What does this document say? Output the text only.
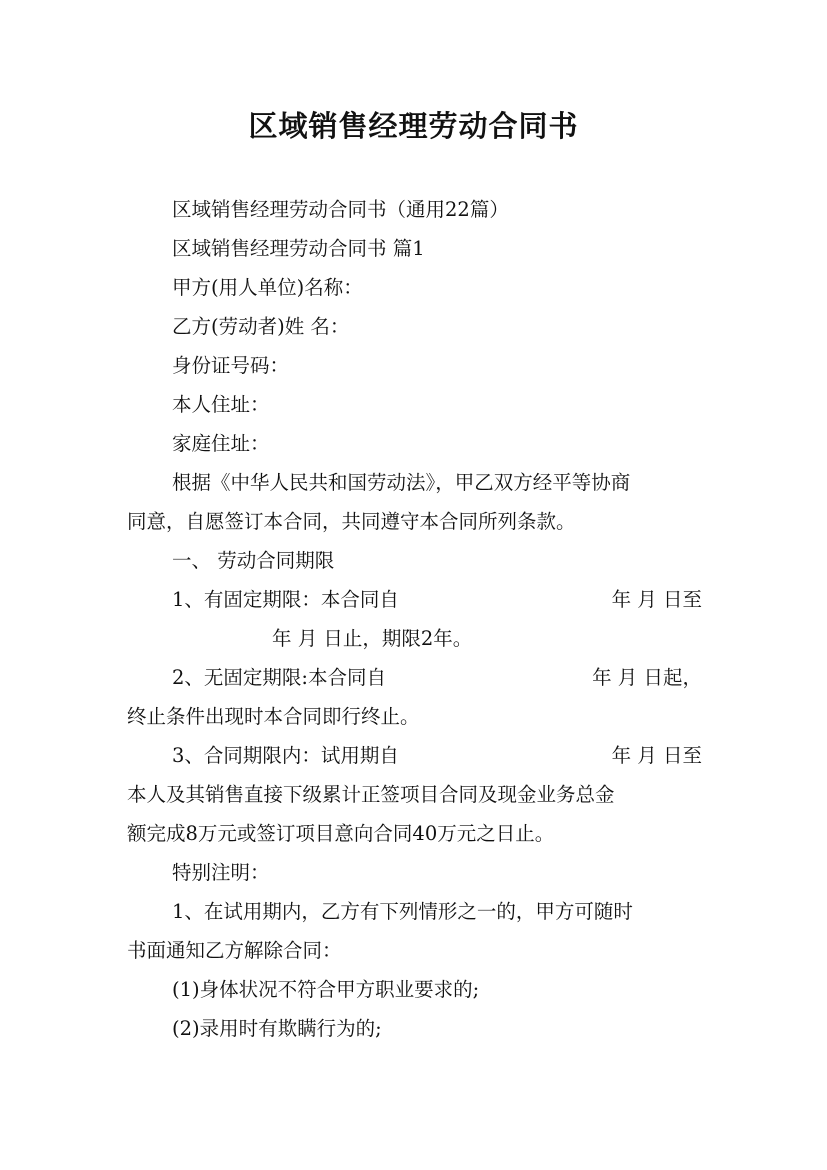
区域销售经理劳动合同书

区域销售经理劳动合同书（通用22篇）

区域销售经理劳动合同书 篇1

甲方(用人单位)名称：

乙方(劳动者)姓 名：

身份证号码：

本人住址：

家庭住址：

根据《中华人民共和国劳动法》，甲乙双方经平等协商

同意，自愿签订本合同，共同遵守本合同所列条款。

一、 劳动合同期限

1、有固定期限：本合同自	年 月 日至

年 月 日止，期限2年。

2、无固定期限:本合同自	年 月 日起，

终止条件出现时本合同即行终止。

3、合同期限内：试用期自	年 月 日至

本人及其销售直接下级累计正签项目合同及现金业务总金

额完成8万元或签订项目意向合同40万元之日止。

特别注明：

1、在试用期内，乙方有下列情形之一的，甲方可随时

书面通知乙方解除合同：

(1)身体状况不符合甲方职业要求的;

(2)录用时有欺瞒行为的;
